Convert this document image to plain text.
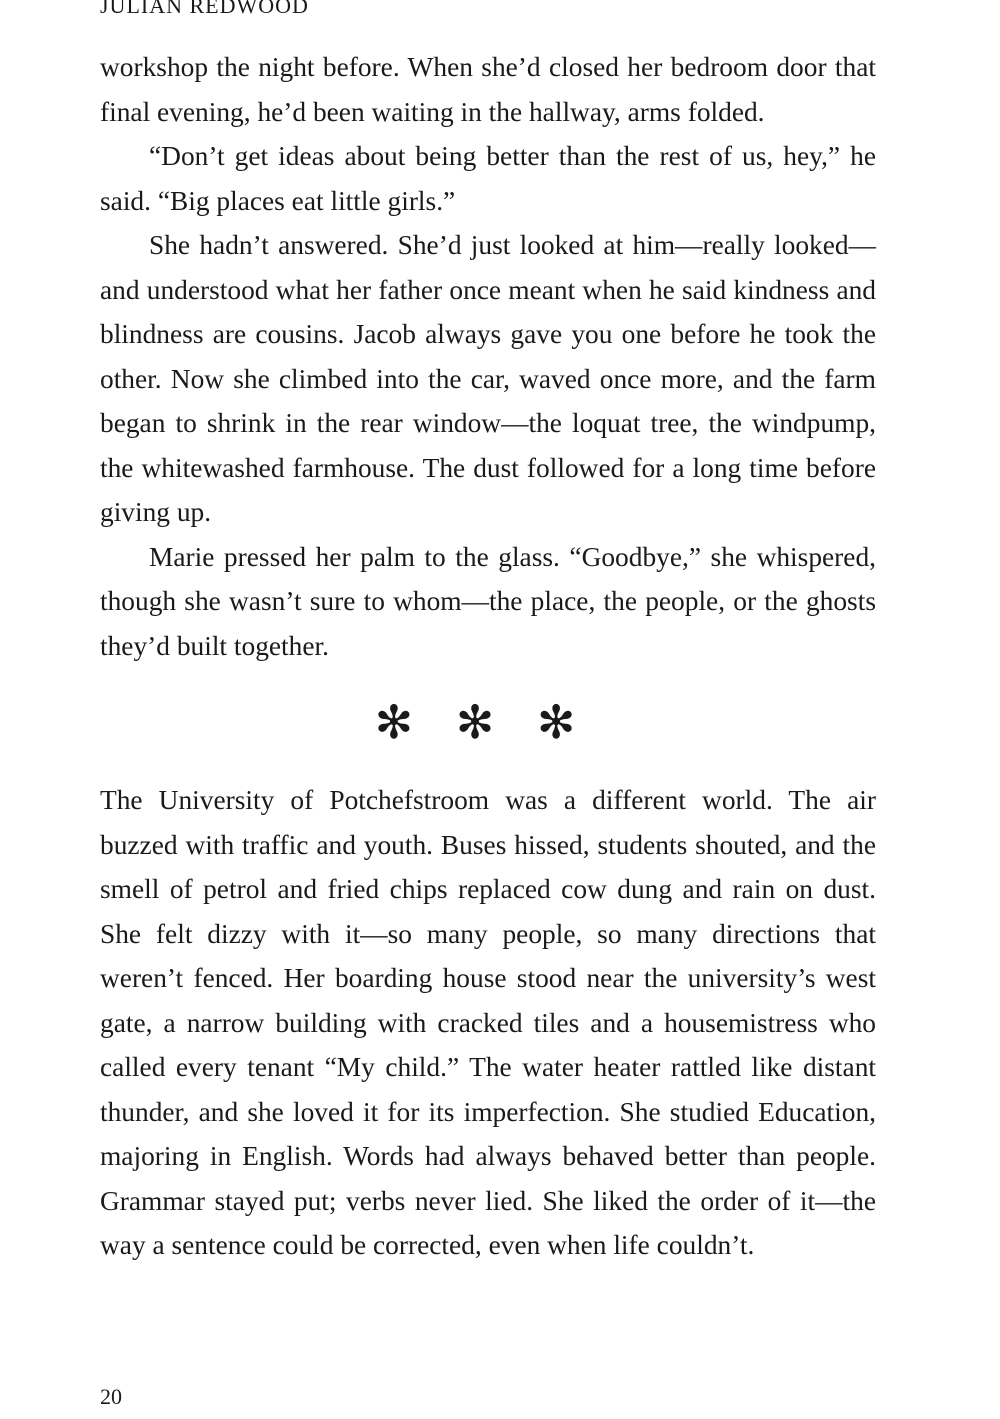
JULIAN REDWOOD

workshop the night before. When she’d closed her bedroom door that final evening, he’d been waiting in the hallway, arms folded.

“Don’t get ideas about being better than the rest of us, hey,” he said. “Big places eat little girls.”

She hadn’t answered. She’d just looked at him—really looked—and understood what her father once meant when he said kindness and blindness are cousins. Jacob always gave you one before he took the other. Now she climbed into the car, waved once more, and the farm began to shrink in the rear window—the loquat tree, the windpump, the whitewashed farmhouse. The dust followed for a long time before giving up.

Marie pressed her palm to the glass. “Goodbye,” she whispered, though she wasn’t sure to whom—the place, the people, or the ghosts they’d built together.

✻ ✻ ✻

The University of Potchefstroom was a different world. The air buzzed with traffic and youth. Buses hissed, students shouted, and the smell of petrol and fried chips replaced cow dung and rain on dust. She felt dizzy with it—so many people, so many directions that weren’t fenced. Her boarding house stood near the university’s west gate, a narrow building with cracked tiles and a housemistress who called every tenant “My child.” The water heater rattled like distant thunder, and she loved it for its imperfection. She studied Education, majoring in English. Words had always behaved better than people. Grammar stayed put; verbs never lied. She liked the order of it—the way a sentence could be corrected, even when life couldn’t.

20
